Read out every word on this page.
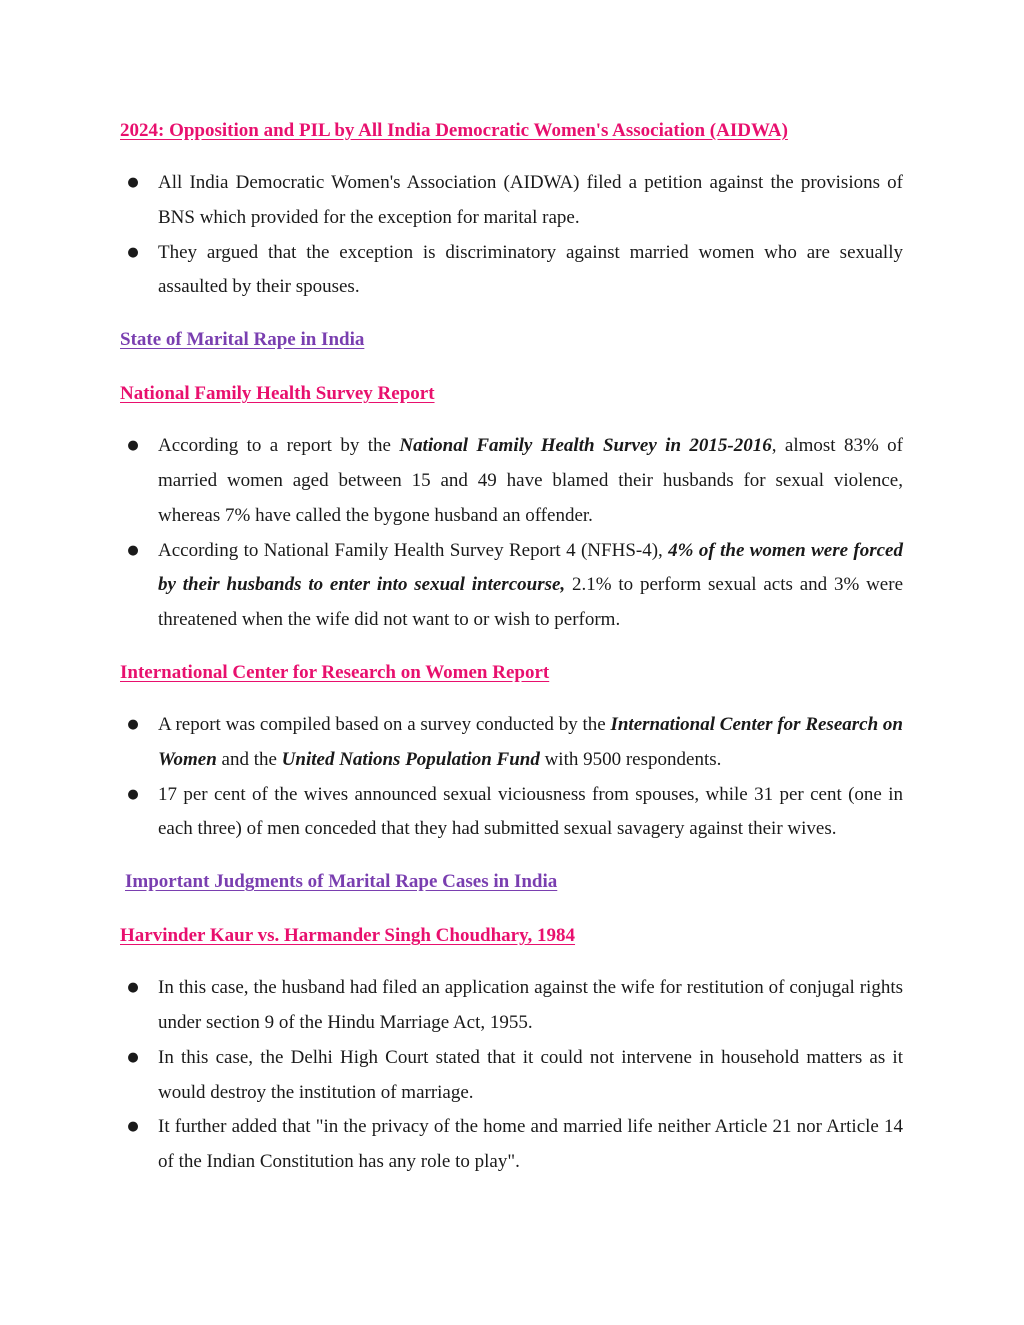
2024: Opposition and PIL by All India Democratic Women's Association (AIDWA)

●	All India Democratic Women's Association (AIDWA) filed a petition against the provisions of BNS which provided for the exception for marital rape.
●	They argued that the exception is discriminatory against married women who are sexually assaulted by their spouses.

State of Marital Rape in India

National Family Health Survey Report

●	According to a report by the National Family Health Survey in 2015-2016, almost 83% of married women aged between 15 and 49 have blamed their husbands for sexual violence, whereas 7% have called the bygone husband an offender.
●	According to National Family Health Survey Report 4 (NFHS-4), 4% of the women were forced by their husbands to enter into sexual intercourse, 2.1% to perform sexual acts and 3% were threatened when the wife did not want to or wish to perform.

International Center for Research on Women Report

●	A report was compiled based on a survey conducted by the International Center for Research on Women and the United Nations Population Fund with 9500 respondents.
●	17 per cent of the wives announced sexual viciousness from spouses, while 31 per cent (one in each three) of men conceded that they had submitted sexual savagery against their wives.

Important Judgments of Marital Rape Cases in India

Harvinder Kaur vs. Harmander Singh Choudhary, 1984

●	In this case, the husband had filed an application against the wife for restitution of conjugal rights under section 9 of the Hindu Marriage Act, 1955.
●	In this case, the Delhi High Court stated that it could not intervene in household matters as it would destroy the institution of marriage.
●	It further added that "in the privacy of the home and married life neither Article 21 nor Article 14 of the Indian Constitution has any role to play".
